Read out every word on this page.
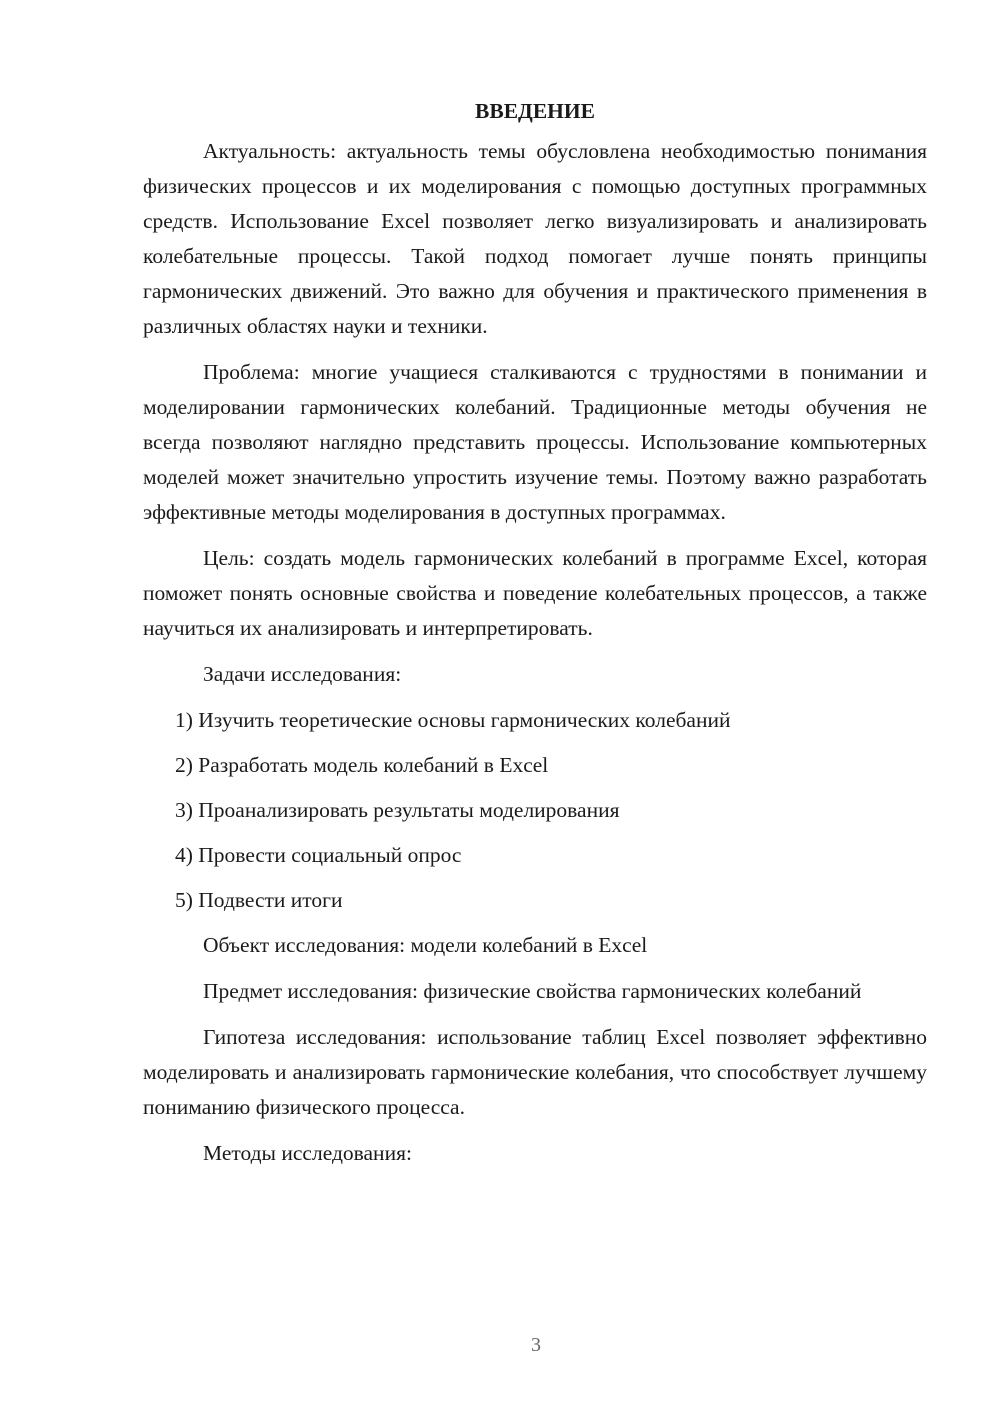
ВВЕДЕНИЕ

Актуальность: актуальность темы обусловлена необходимостью понимания физических процессов и их моделирования с помощью доступных программных средств. Использование Excel позволяет легко визуализировать и анализировать колебательные процессы. Такой подход помогает лучше понять принципы гармонических движений. Это важно для обучения и практического применения в различных областях науки и техники.

Проблема: многие учащиеся сталкиваются с трудностями в понимании и моделировании гармонических колебаний. Традиционные методы обучения не всегда позволяют наглядно представить процессы. Использование компьютерных моделей может значительно упростить изучение темы. Поэтому важно разработать эффективные методы моделирования в доступных программах.

Цель: создать модель гармонических колебаний в программе Excel, которая поможет понять основные свойства и поведение колебательных процессов, а также научиться их анализировать и интерпретировать.

Задачи исследования:

1) Изучить теоретические основы гармонических колебаний
2) Разработать модель колебаний в Excel
3) Проанализировать результаты моделирования
4) Провести социальный опрос
5) Подвести итоги

Объект исследования: модели колебаний в Excel

Предмет исследования: физические свойства гармонических колебаний

Гипотеза исследования: использование таблиц Excel позволяет эффективно моделировать и анализировать гармонические колебания, что способствует лучшему пониманию физического процесса.

Методы исследования:

3
